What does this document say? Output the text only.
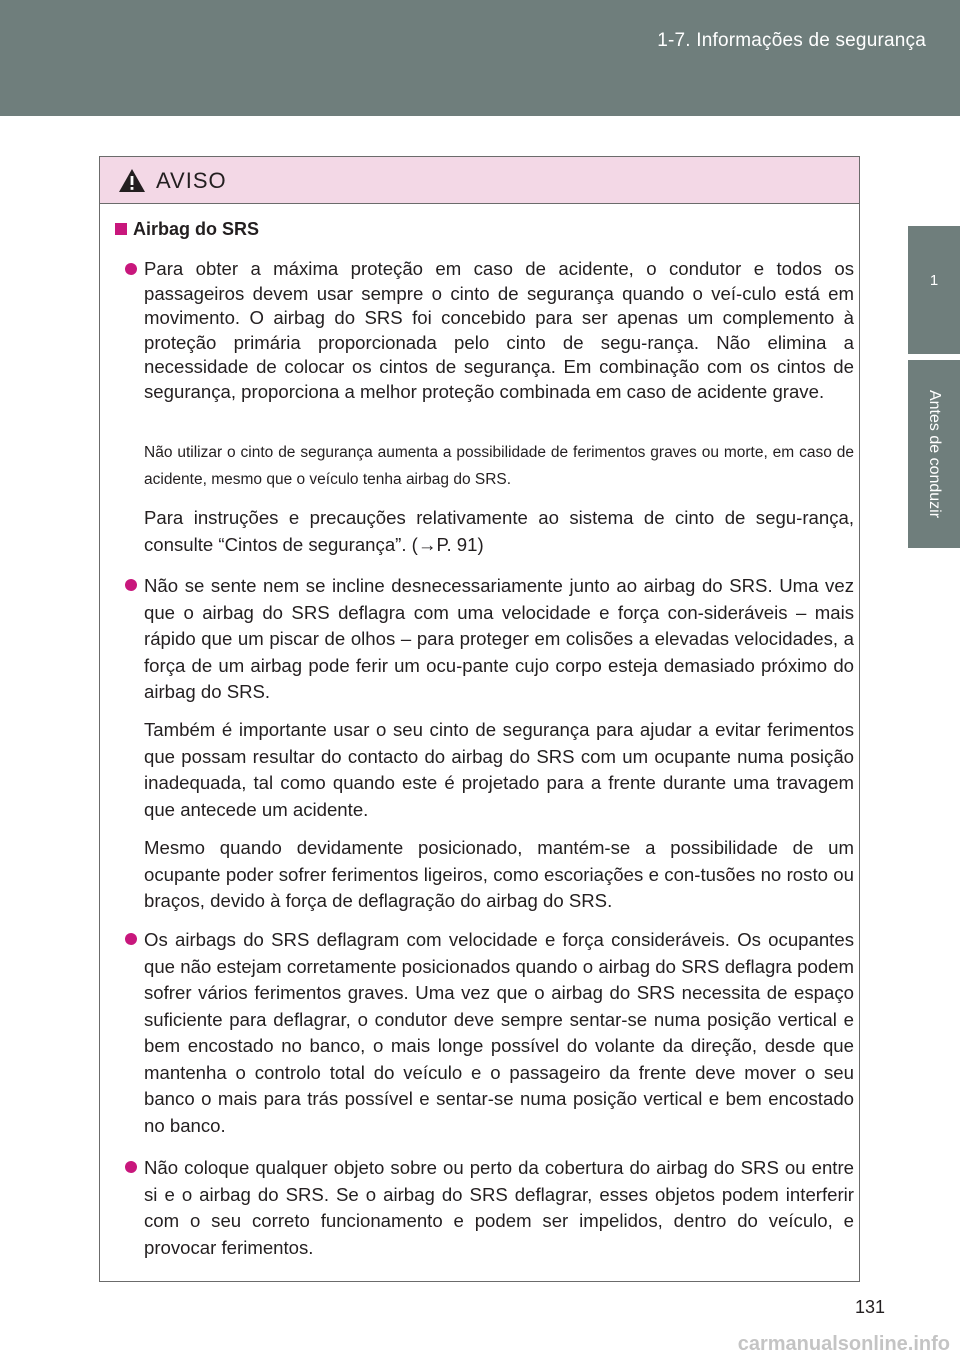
1-7. Informações de segurança
1
Antes de conduzir
AVISO
Airbag do SRS
Para obter a máxima proteção em caso de acidente, o condutor e todos os passageiros devem usar sempre o cinto de segurança quando o veí-culo está em movimento. O airbag do SRS foi concebido para ser apenas um complemento à proteção primária proporcionada pelo cinto de segu-rança. Não elimina a necessidade de colocar os cintos de segurança. Em combinação com os cintos de segurança, proporciona a melhor proteção combinada em caso de acidente grave.
Não utilizar o cinto de segurança aumenta a possibilidade de ferimentos graves ou morte, em caso de acidente, mesmo que o veículo tenha airbag do SRS.
Para instruções e precauções relativamente ao sistema de cinto de segu-rança, consulte “Cintos de segurança”. (→P. 91)
Não se sente nem se incline desnecessariamente junto ao airbag do SRS. Uma vez que o airbag do SRS deflagra com uma velocidade e força con-sideráveis – mais rápido que um piscar de olhos – para proteger em colisões a elevadas velocidades, a força de um airbag pode ferir um ocu-pante cujo corpo esteja demasiado próximo do airbag do SRS.
Também é importante usar o seu cinto de segurança para ajudar a evitar ferimentos que possam resultar do contacto do airbag do SRS com um ocupante numa posição inadequada, tal como quando este é projetado para a frente durante uma travagem que antecede um acidente.
Mesmo quando devidamente posicionado, mantém-se a possibilidade de um ocupante poder sofrer ferimentos ligeiros, como escoriações e con-tusões no rosto ou braços, devido à força de deflagração do airbag do SRS.
Os airbags do SRS deflagram com velocidade e força consideráveis. Os ocupantes que não estejam corretamente posicionados quando o airbag do SRS deflagra podem sofrer vários ferimentos graves. Uma vez que o airbag do SRS necessita de espaço suficiente para deflagrar, o condutor deve sempre sentar-se numa posição vertical e bem encostado no banco, o mais longe possível do volante da direção, desde que mantenha o controlo total do veículo e o passageiro da frente deve mover o seu banco o mais para trás possível e sentar-se numa posição vertical e bem encostado no banco.
Não coloque qualquer objeto sobre ou perto da cobertura do airbag do SRS ou entre si e o airbag do SRS. Se o airbag do SRS deflagrar, esses objetos podem interferir com o seu correto funcionamento e podem ser impelidos, dentro do veículo, e provocar ferimentos.
131
carmanualsonline.info
